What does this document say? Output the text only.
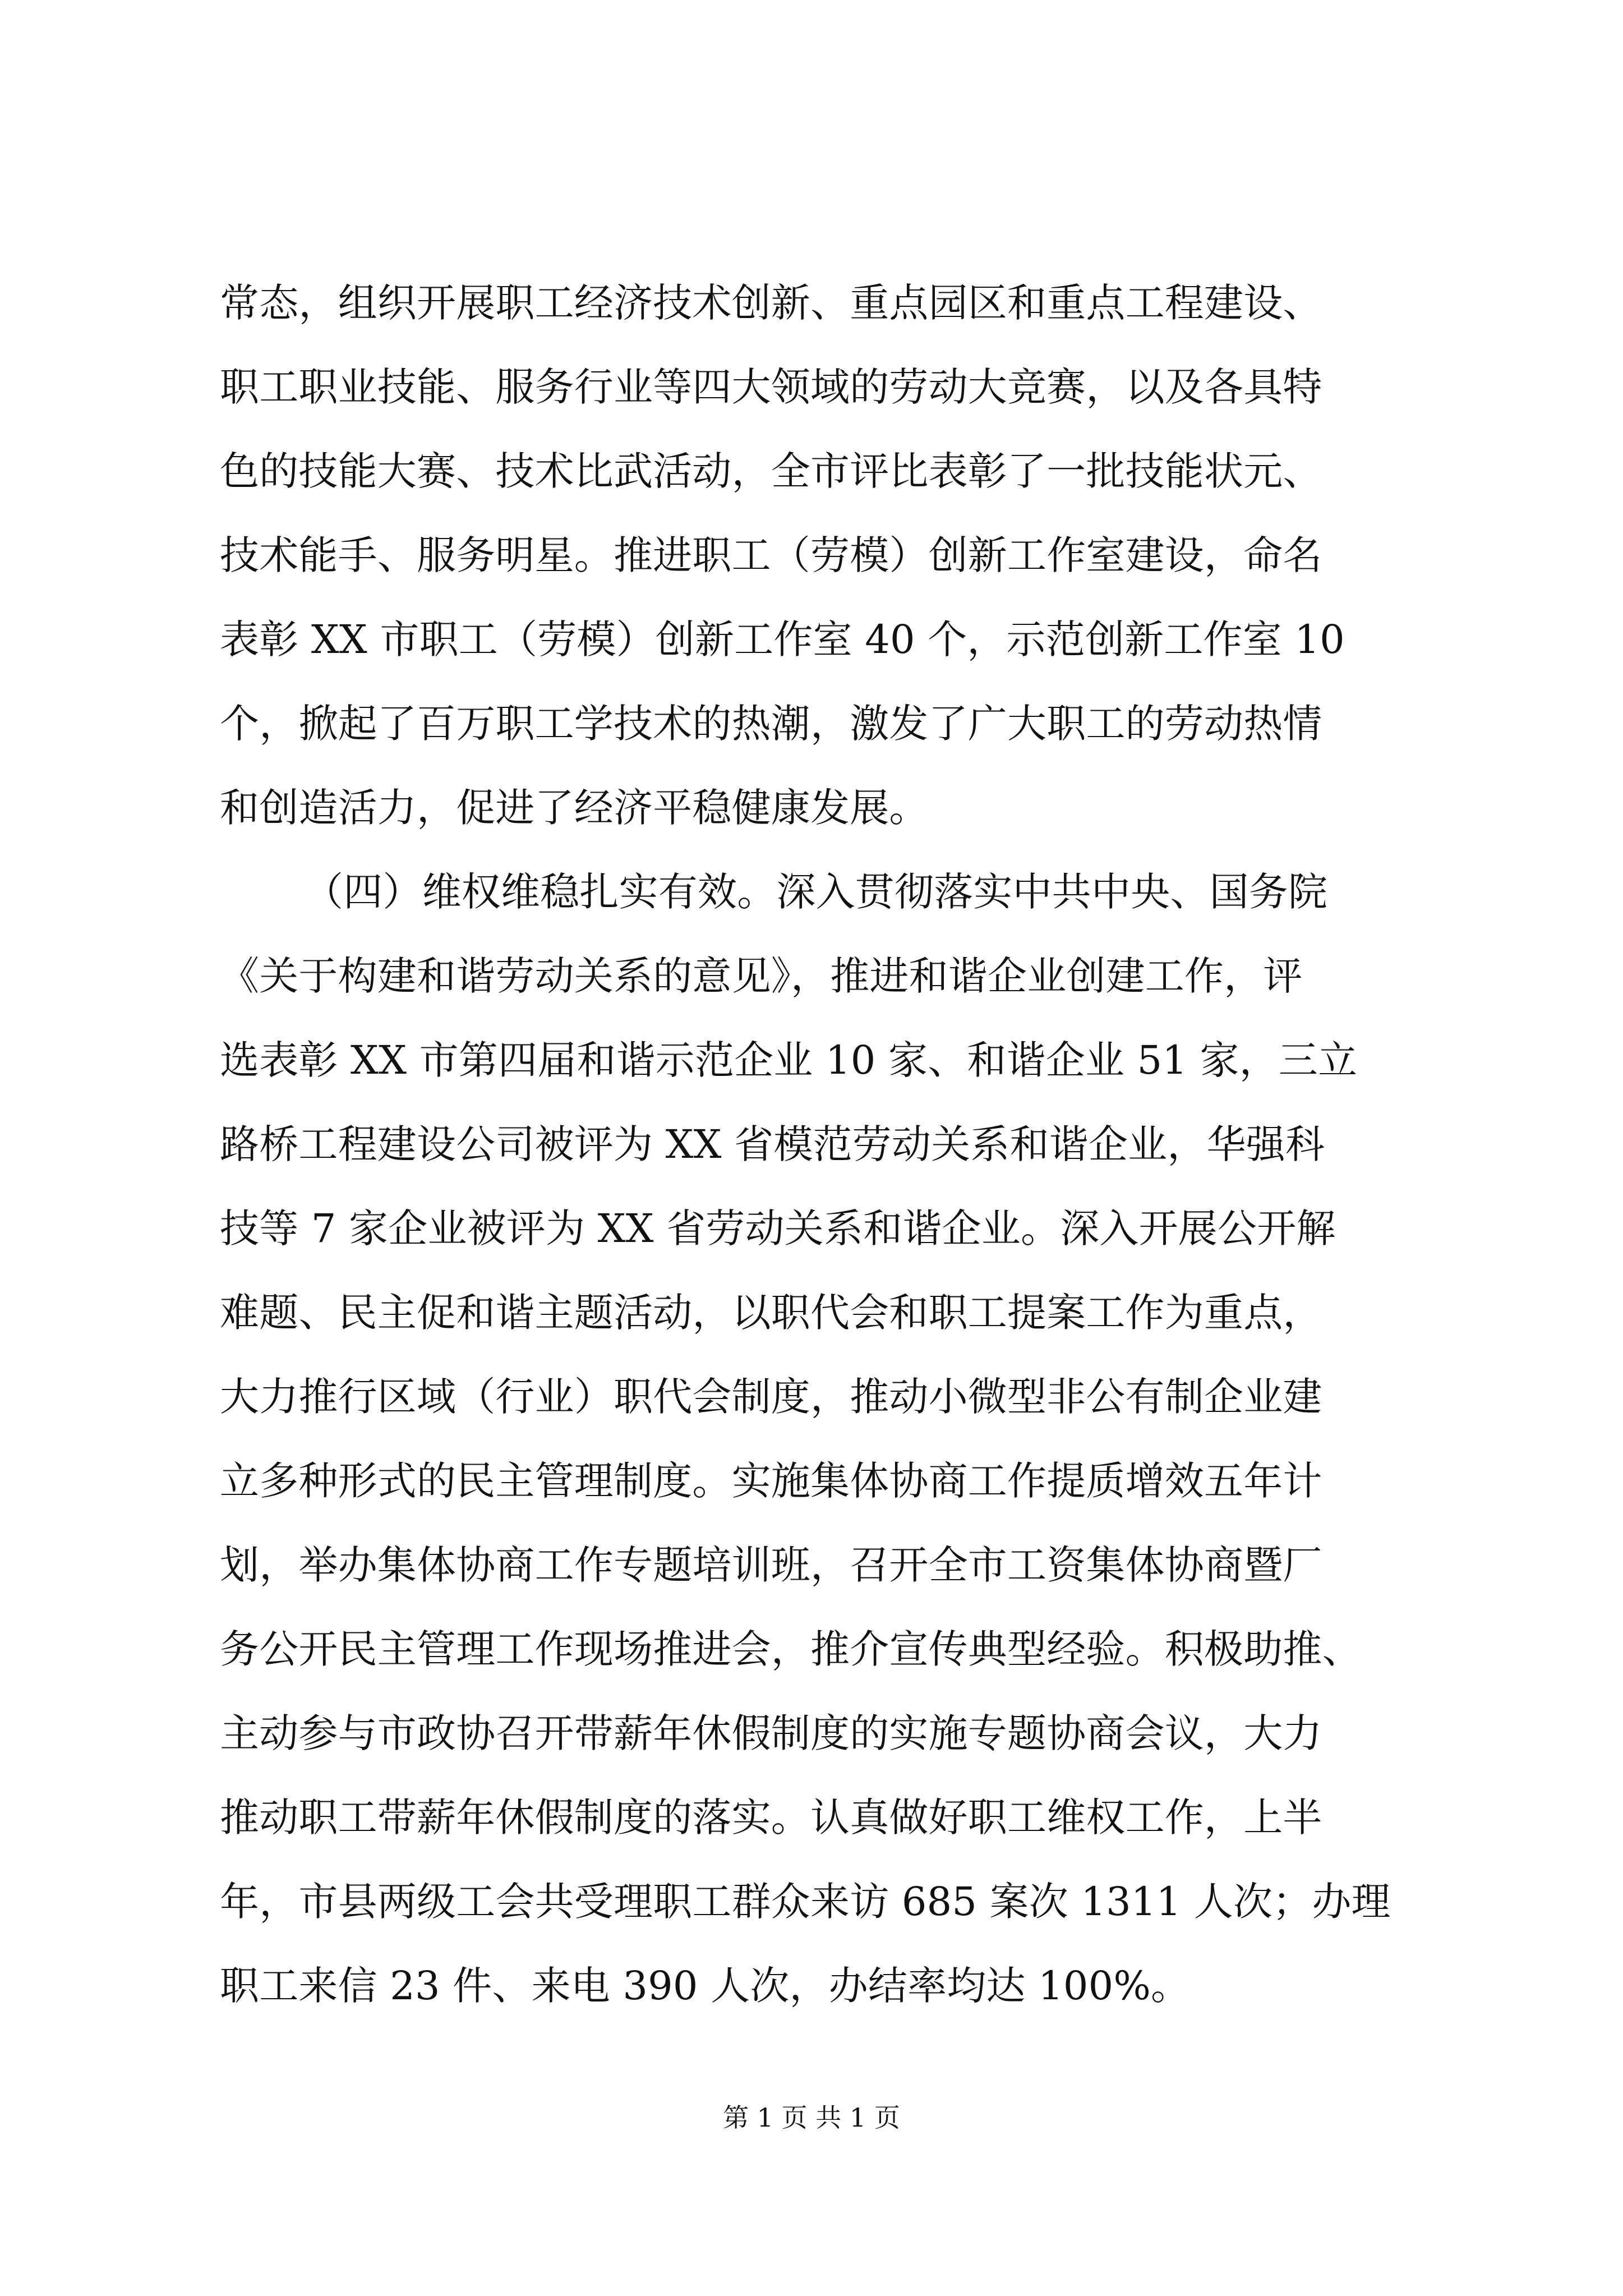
常态，组织开展职工经济技术创新、重点园区和重点工程建设、
职工职业技能、服务行业等四大领域的劳动大竞赛，以及各具特
色的技能大赛、技术比武活动，全市评比表彰了一批技能状元、
技术能手、服务明星。推进职工（劳模）创新工作室建设，命名
表彰 XX 市职工（劳模）创新工作室 40 个，示范创新工作室 10
个，掀起了百万职工学技术的热潮，激发了广大职工的劳动热情
和创造活力，促进了经济平稳健康发展。
（四）维权维稳扎实有效。深入贯彻落实中共中央、国务院
《关于构建和谐劳动关系的意见》，推进和谐企业创建工作，评
选表彰 XX 市第四届和谐示范企业 10 家、和谐企业 51 家，三立
路桥工程建设公司被评为 XX 省模范劳动关系和谐企业，华强科
技等 7 家企业被评为 XX 省劳动关系和谐企业。深入开展公开解
难题、民主促和谐主题活动，以职代会和职工提案工作为重点，
大力推行区域（行业）职代会制度，推动小微型非公有制企业建
立多种形式的民主管理制度。实施集体协商工作提质增效五年计
划，举办集体协商工作专题培训班，召开全市工资集体协商暨厂
务公开民主管理工作现场推进会，推介宣传典型经验。积极助推、
主动参与市政协召开带薪年休假制度的实施专题协商会议，大力
推动职工带薪年休假制度的落实。认真做好职工维权工作，上半
年，市县两级工会共受理职工群众来访 685 案次 1311 人次；办理
职工来信 23 件、来电 390 人次，办结率均达 100%。
第 1 页 共 1 页
